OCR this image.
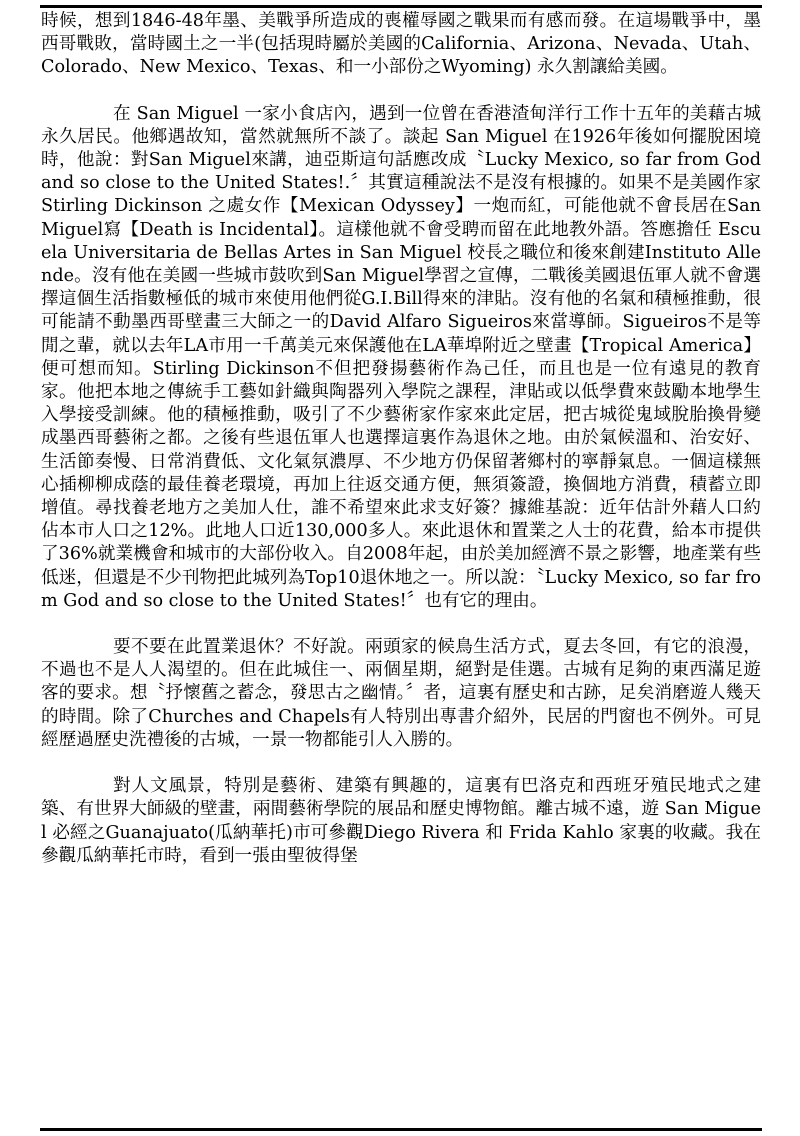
時候，想到1846-48年墨、美戰爭所造成的喪權辱國之戰果而有感而發。在這場戰爭中，墨西哥戰敗，當時國土之一半(包括現時屬於美國的California、Arizona、Nevada、Utah、Colorado、New Mexico、Texas、和一小部份之Wyoming) 永久割讓給美國。

在 San Miguel 一家小食店內，遇到一位曾在香港渣甸洋行工作十五年的美藉古城永久居民。他鄉遇故知，當然就無所不談了。談起 San Miguel 在1926年後如何擺脫困境時，他說：對San Miguel來講，迪亞斯這句話應改成〝Lucky Mexico, so far from God and so close to the United States!.〞其實這種說法不是沒有根據的。如果不是美國作家 Stirling Dickinson 之處女作【Mexican Odyssey】一炮而紅，可能他就不會長居在San Miguel寫【Death is Incidental】。這樣他就不會受聘而留在此地教外語。答應擔任 Escuela Universitaria de Bellas Artes in San Miguel 校長之職位和後來創建Instituto Allende。沒有他在美國一些城市鼓吹到San Miguel學習之宣傳，二戰後美國退伍軍人就不會選擇這個生活指數極低的城市來使用他們從G.I.Bill得來的津貼。沒有他的名氣和積極推動，很可能請不動墨西哥壁畫三大師之一的David Alfaro Sigueiros來當導師。Sigueiros不是等閒之輩，就以去年LA市用一千萬美元來保護他在LA華埠附近之壁畫【Tropical America】便可想而知。Stirling Dickinson不但把發揚藝術作為己任，而且也是一位有遠見的教育家。他把本地之傳統手工藝如針織與陶器列入學院之課程，津貼或以低學費來鼓勵本地學生入學接受訓練。他的積極推動，吸引了不少藝術家作家來此定居，把古城從鬼域脫胎換骨變成墨西哥藝術之都。之後有些退伍軍人也選擇這裏作為退休之地。由於氣候溫和、治安好、生活節奏慢、日常消費低、文化氣氛濃厚、不少地方仍保留著鄉村的寧靜氣息。一個這樣無心插柳柳成蔭的最佳養老環境，再加上往返交通方便，無須簽證，換個地方消費，積蓄立即增值。尋找養老地方之美加人仕，誰不希望來此求支好簽？據維基說：近年估計外藉人口約佔本市人口之12%。此地人口近130,000多人。來此退休和置業之人士的花費，給本市提供了36%就業機會和城市的大部份收入。自2008年起，由於美加經濟不景之影響，地產業有些低迷，但還是不少刊物把此城列為Top10退休地之一。所以說：〝Lucky Mexico, so far from God and so close to the United States!〞也有它的理由。

要不要在此置業退休？不好說。兩頭家的候鳥生活方式，夏去冬回，有它的浪漫，不過也不是人人渴望的。但在此城住一、兩個星期，絕對是佳選。古城有足夠的東西滿足遊客的要求。想〝抒懷舊之蓄念，發思古之幽情。〞者，這裏有歷史和古跡，足矣消磨遊人幾天的時間。除了Churches and Chapels有人特別出專書介紹外，民居的門窗也不例外。可見經歷過歷史洗禮後的古城，一景一物都能引人入勝的。

對人文風景，特別是藝術、建築有興趣的，這裏有巴洛克和西班牙殖民地式之建築、有世界大師級的壁畫，兩間藝術學院的展品和歷史博物館。離古城不遠，遊 San Miguel 必經之Guanajuato(瓜納華托)市可參觀Diego Rivera 和 Frida Kahlo 家裏的收藏。我在參觀瓜納華托市時，看到一張由聖彼得堡
